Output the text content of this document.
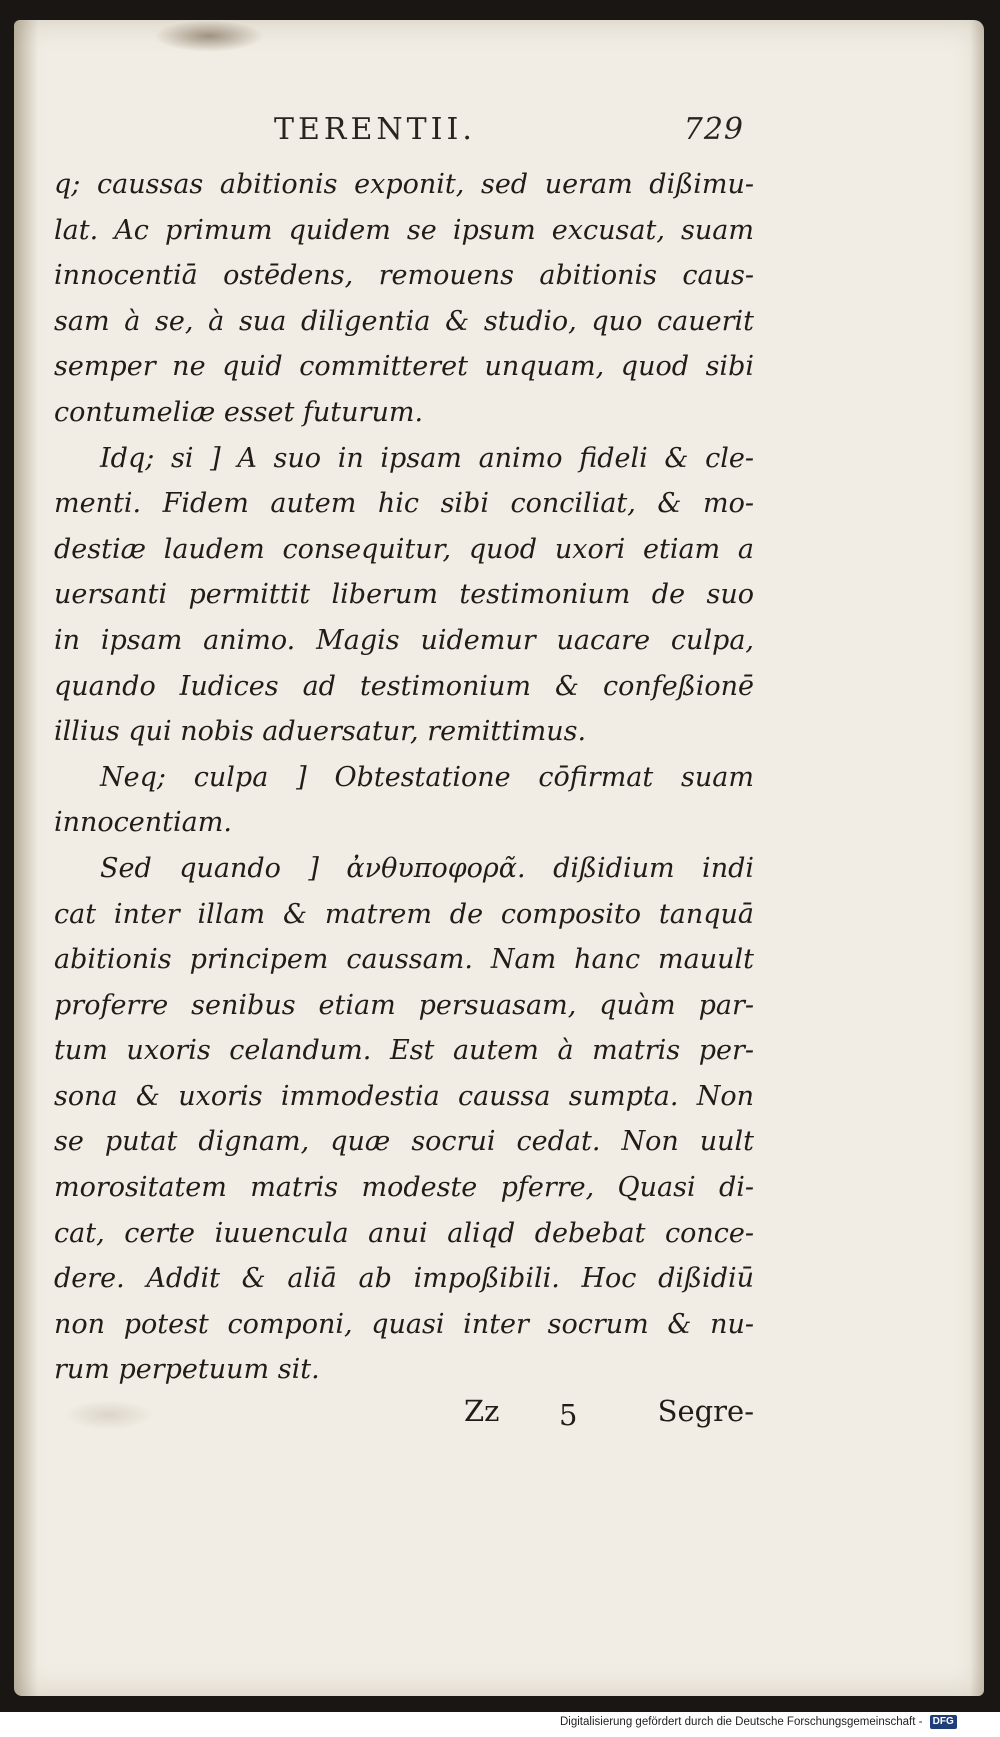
TERENTII.	729
q; caussas abitionis exponit, sed ueram dißimu-
lat. Ac primum quidem se ipsum excusat, suam
innocentiā ostēdens, remouens abitionis caus-
sam à se, à sua diligentia & studio, quo cauerit
semper ne quid committeret unquam, quod sibi
contumeliæ esset futurum.
Idq; si ] A suo in ipsam animo fideli & cle-
menti. Fidem autem hic sibi conciliat, & mo-
destiæ laudem consequitur, quod uxori etiam a
uersanti permittit liberum testimonium de suo
in ipsam animo. Magis uidemur uacare culpa,
quando Iudices ad testimonium & confeßionē
illius qui nobis aduersatur, remittimus.
Neq; culpa ] Obtestatione cōfirmat suam
innocentiam.
Sed quando ] ἀνθυποφορᾶ. dißidium indi
cat inter illam & matrem de composito tanquā
abitionis principem caussam. Nam hanc mauult
proferre senibus etiam persuasam, quàm par-
tum uxoris celandum. Est autem à matris per-
sona & uxoris immodestia caussa sumpta. Non
se putat dignam, quæ socrui cedat. Non uult
morositatem matris modeste pferre, Quasi di-
cat, certe iuuencula anui aliqd debebat conce-
dere. Addit & aliā ab impoßibili. Hoc dißidiū
non potest componi, quasi inter socrum & nu-
rum perpetuum sit.
Zz 5	Segre-
Digitalisierung gefördert durch die Deutsche Forschungsgemeinschaft - DFG
